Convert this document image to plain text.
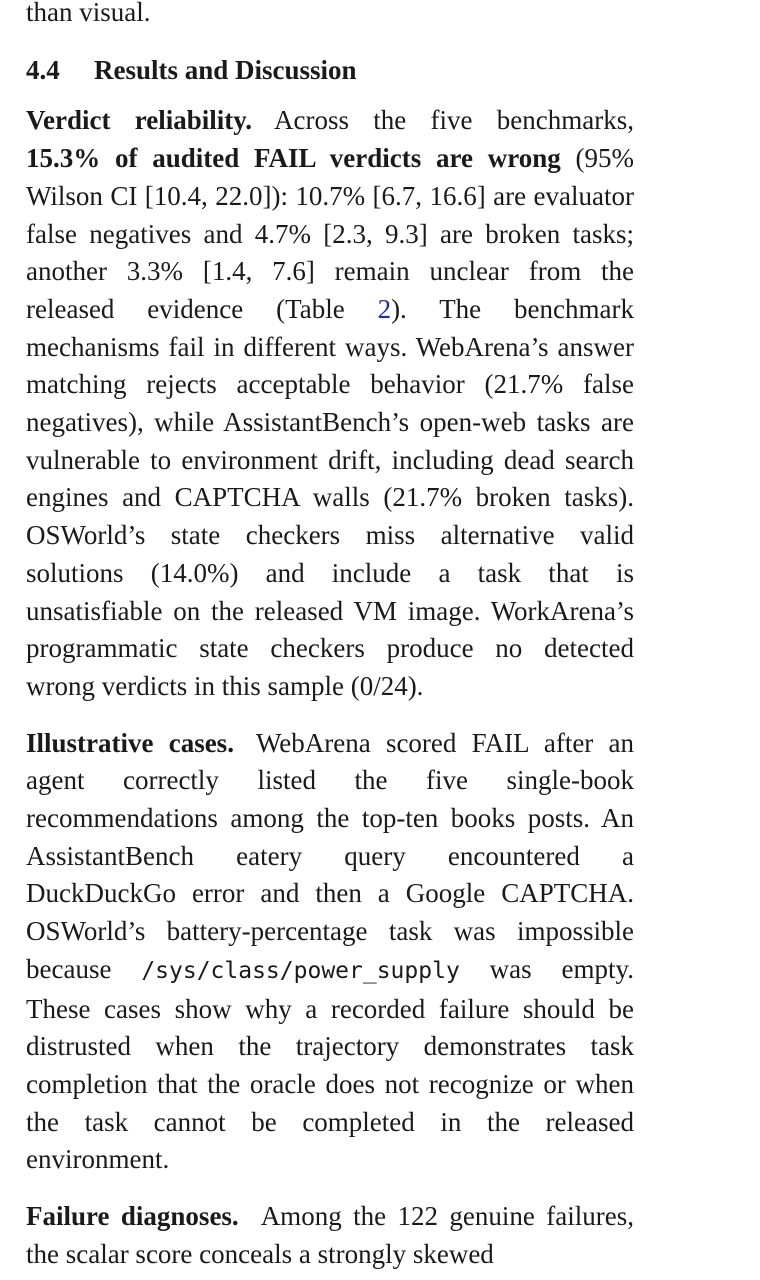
than visual.

4.4 Results and Discussion

Verdict reliability. Across the five benchmarks, 15.3% of audited FAIL verdicts are wrong (95% Wilson CI [10.4, 22.0]): 10.7% [6.7, 16.6] are evaluator false negatives and 4.7% [2.3, 9.3] are broken tasks; another 3.3% [1.4, 7.6] remain unclear from the released evidence (Table 2). The benchmark mechanisms fail in different ways. WebArena’s answer matching rejects acceptable behavior (21.7% false negatives), while AssistantBench’s open-web tasks are vulnerable to environment drift, including dead search engines and CAPTCHA walls (21.7% broken tasks). OSWorld’s state checkers miss alternative valid solutions (14.0%) and include a task that is unsatisfiable on the released VM image. WorkArena’s programmatic state checkers produce no detected wrong verdicts in this sample (0/24).

Illustrative cases. WebArena scored FAIL after an agent correctly listed the five single-book recommendations among the top-ten books posts. An AssistantBench eatery query encountered a DuckDuckGo error and then a Google CAPTCHA. OSWorld’s battery-percentage task was impossible because /sys/class/power_supply was empty. These cases show why a recorded failure should be distrusted when the trajectory demonstrates task completion that the oracle does not recognize or when the task cannot be completed in the released environment.

Failure diagnoses. Among the 122 genuine failures, the scalar score conceals a strongly skewed
